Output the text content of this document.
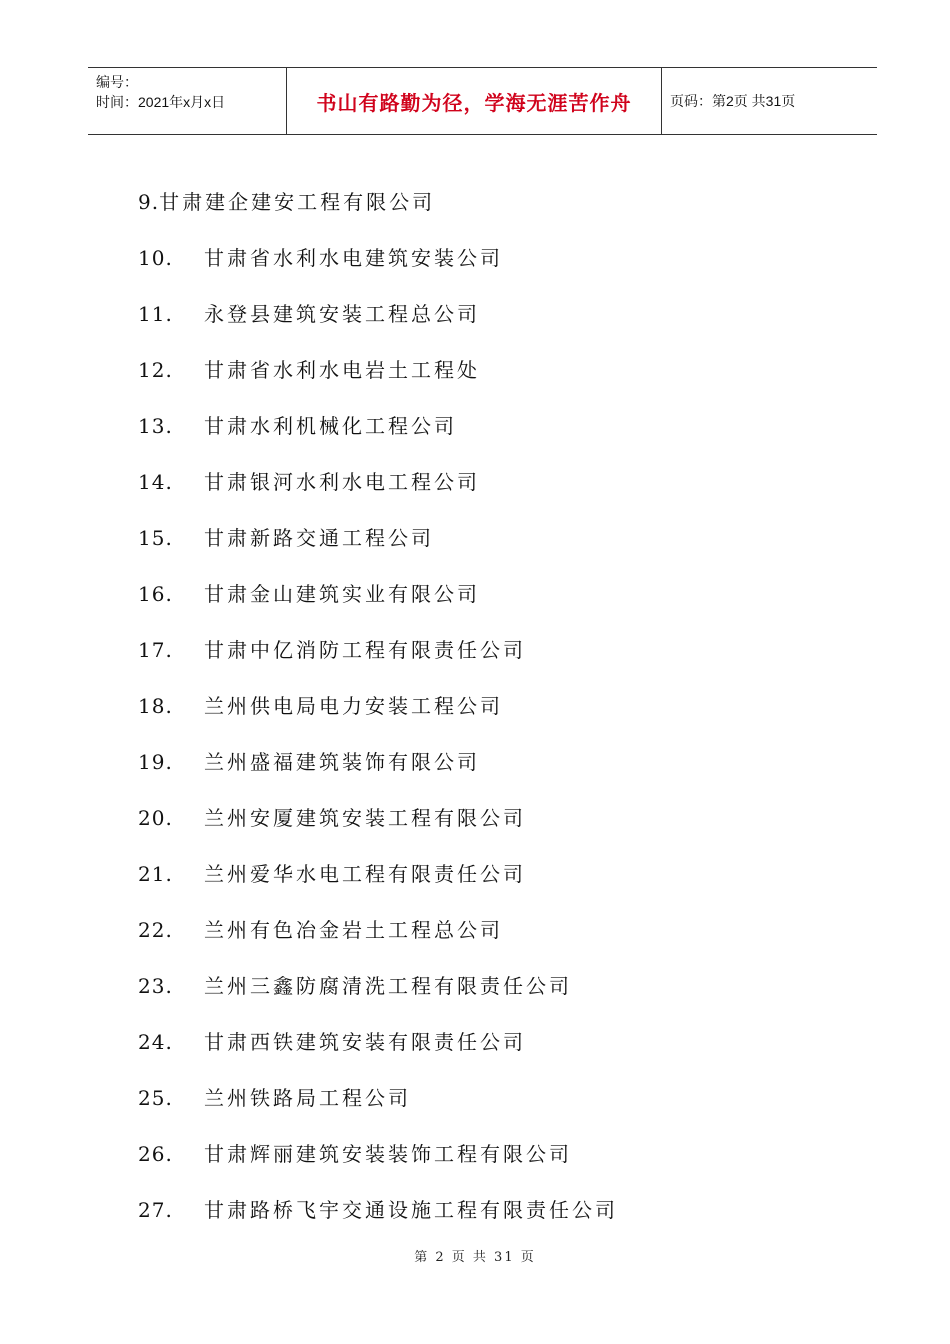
编号：
时间：2021年x月x日	书山有路勤为径，学海无涯苦作舟	页码：第2页 共31页
9. 甘肃建企建安工程有限公司
10.	甘肃省水利水电建筑安装公司
11.	永登县建筑安装工程总公司
12.	甘肃省水利水电岩土工程处
13.	甘肃水利机械化工程公司
14.	甘肃银河水利水电工程公司
15.	甘肃新路交通工程公司
16.	甘肃金山建筑实业有限公司
17.	甘肃中亿消防工程有限责任公司
18.	兰州供电局电力安装工程公司
19.	兰州盛福建筑装饰有限公司
20.	兰州安厦建筑安装工程有限公司
21.	兰州爱华水电工程有限责任公司
22.	兰州有色冶金岩土工程总公司
23.	兰州三鑫防腐清洗工程有限责任公司
24.	甘肃西铁建筑安装有限责任公司
25.	兰州铁路局工程公司
26.	甘肃辉丽建筑安装装饰工程有限公司
27.	甘肃路桥飞宇交通设施工程有限责任公司
第 2 页 共 31 页
